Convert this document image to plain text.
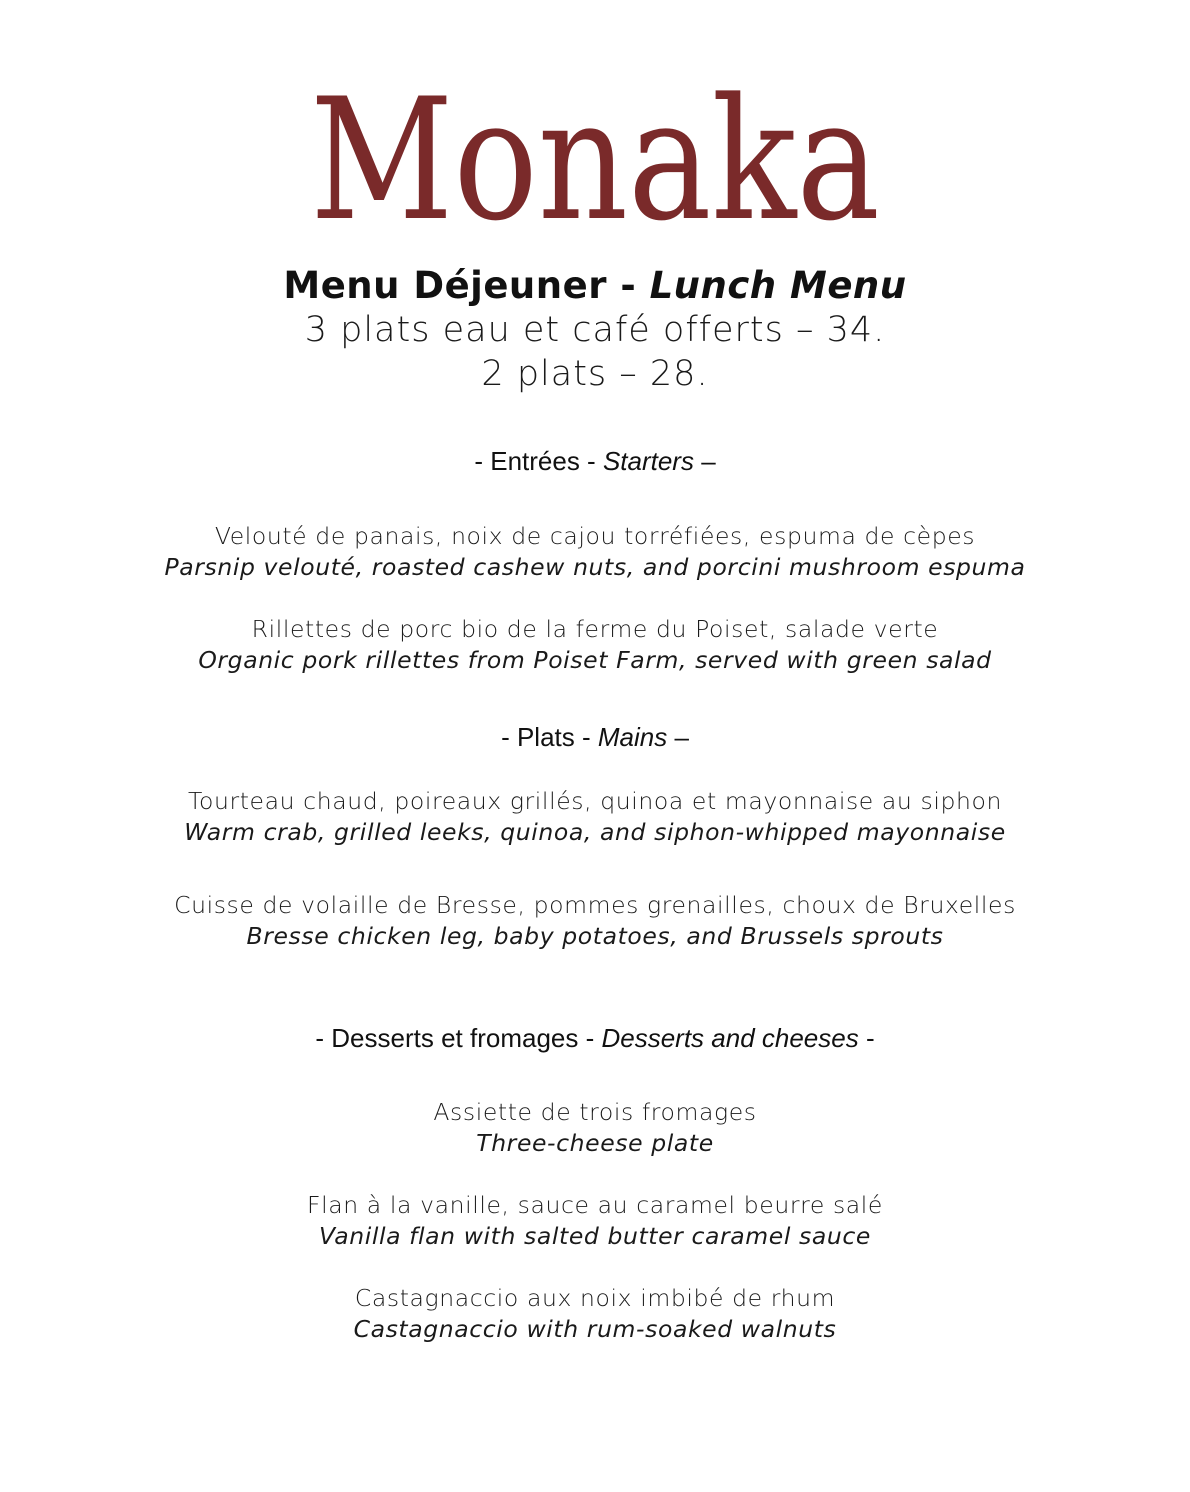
Monaka
Menu Déjeuner - Lunch Menu
3 plats eau et café offerts – 34.
2 plats – 28.
- Entrées - Starters –
Velouté de panais, noix de cajou torréfiées, espuma de cèpes
Parsnip velouté, roasted cashew nuts, and porcini mushroom espuma
Rillettes de porc bio de la ferme du Poiset, salade verte
Organic pork rillettes from Poiset Farm, served with green salad
- Plats - Mains –
Tourteau chaud, poireaux grillés, quinoa et mayonnaise au siphon
Warm crab, grilled leeks, quinoa, and siphon-whipped mayonnaise
Cuisse de volaille de Bresse, pommes grenailles, choux de Bruxelles
Bresse chicken leg, baby potatoes, and Brussels sprouts
- Desserts et fromages - Desserts and cheeses -
Assiette de trois fromages
Three-cheese plate
Flan à la vanille, sauce au caramel beurre salé
Vanilla flan with salted butter caramel sauce
Castagnaccio aux noix imbibé de rhum
Castagnaccio with rum-soaked walnuts
